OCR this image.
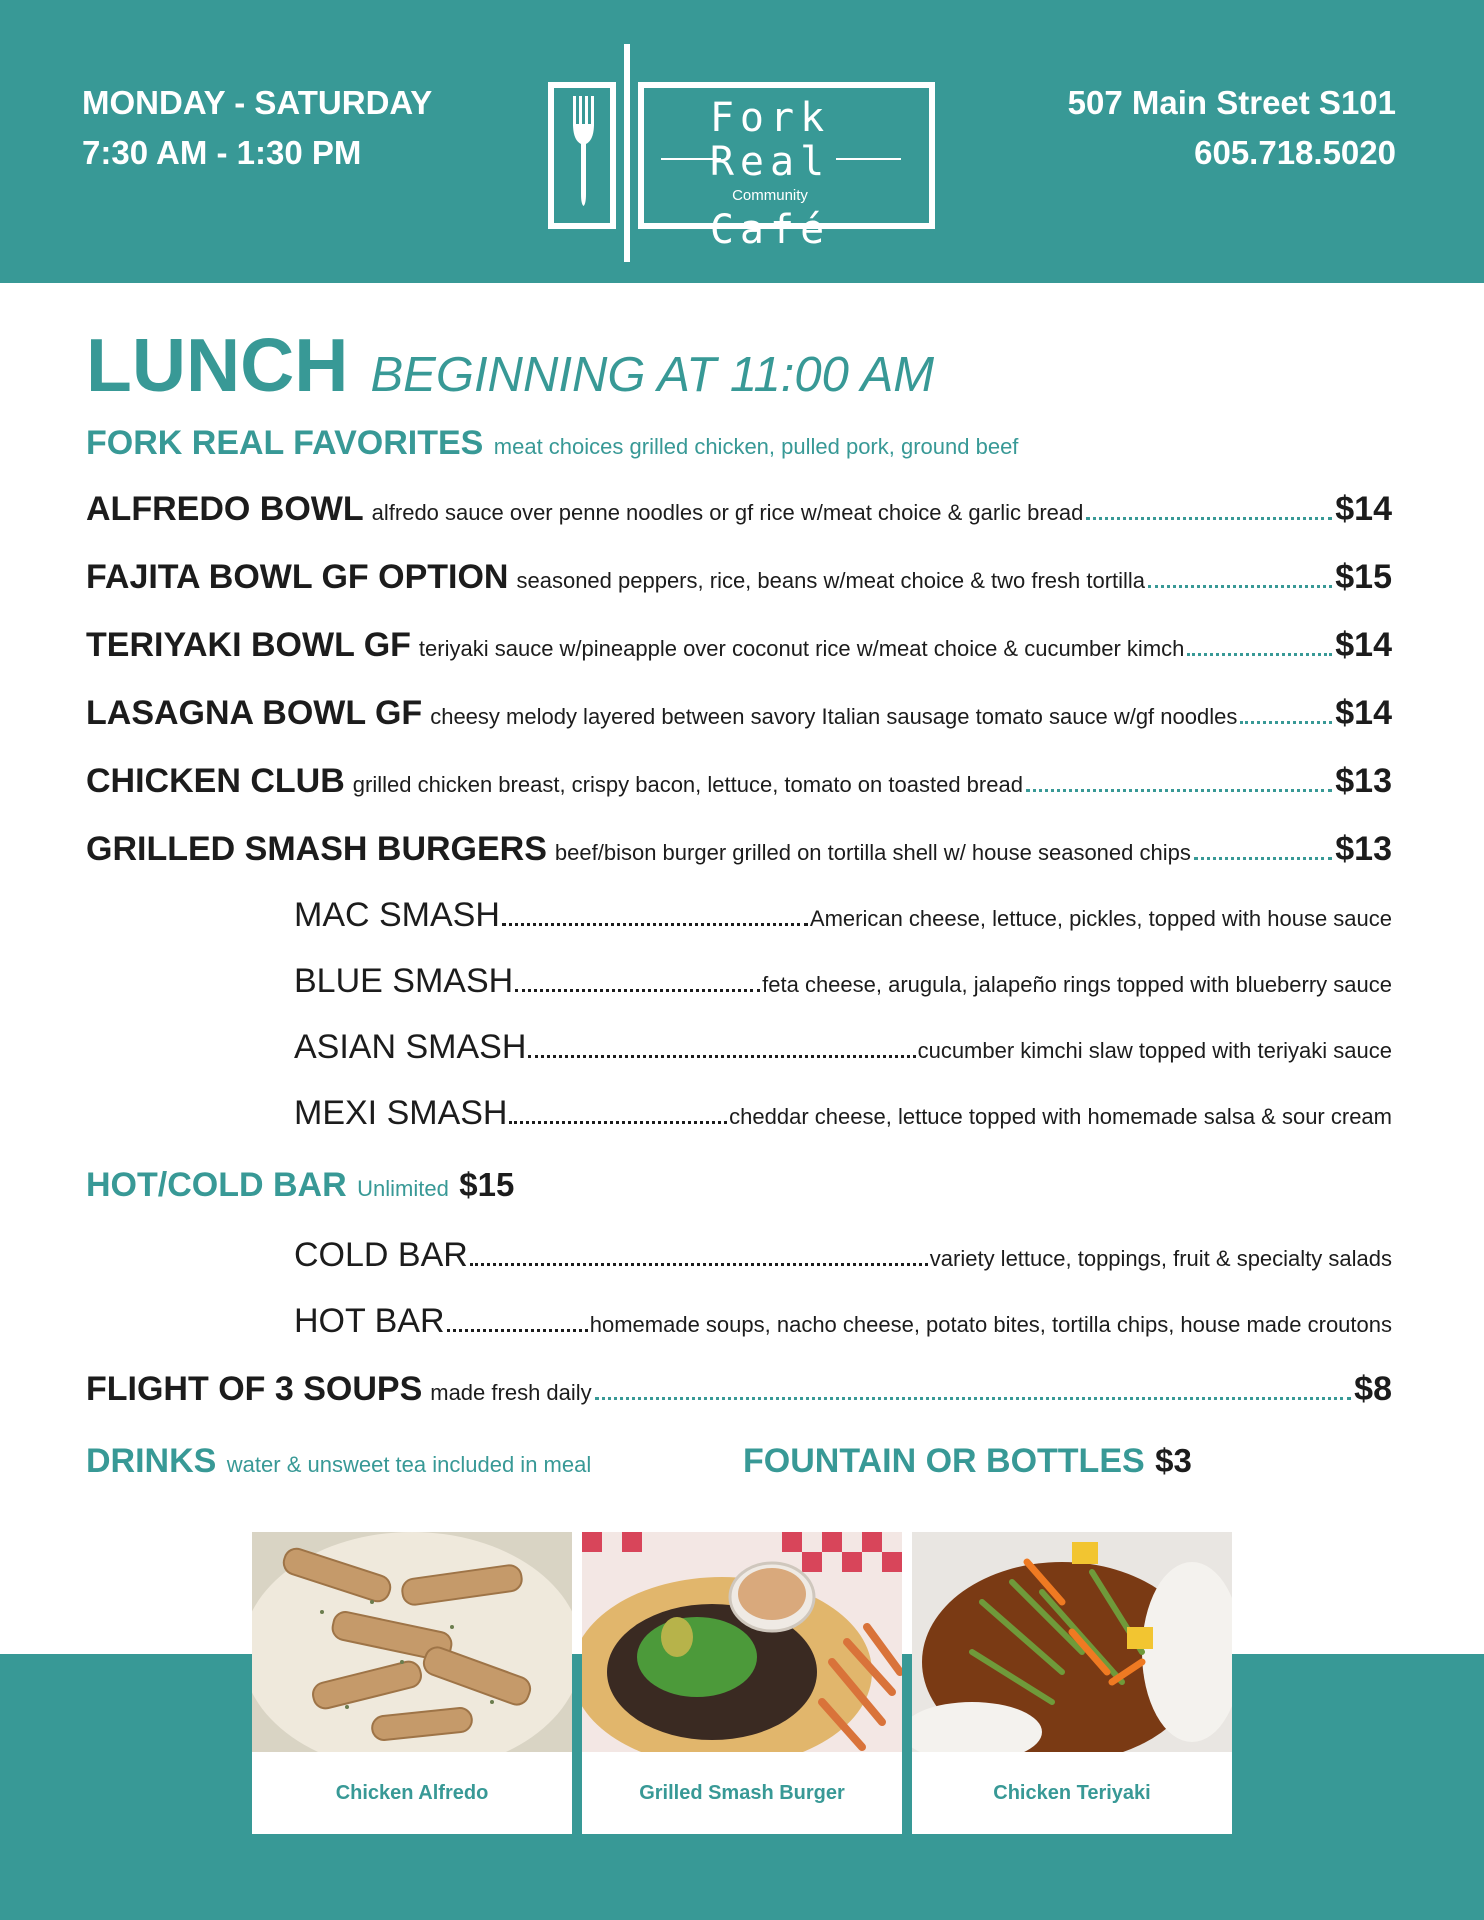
MONDAY - SATURDAY
7:30 AM - 1:30 PM
Fork Real
Community
Café
507 Main Street S101
605.718.5020
LUNCH BEGINNING AT 11:00 AM
FORK REAL FAVORITES meat choices grilled chicken, pulled pork, ground beef
ALFREDO BOWL alfredo sauce over penne noodles or gf rice w/meat choice & garlic bread	$14
FAJITA BOWL GF OPTION seasoned peppers, rice, beans w/meat choice & two fresh tortilla	$15
TERIYAKI BOWL GF teriyaki sauce w/pineapple over coconut rice w/meat choice & cucumber kimch	$14
LASAGNA BOWL GF cheesy melody layered between savory Italian sausage tomato sauce w/gf noodles	$14
CHICKEN CLUB grilled chicken breast, crispy bacon, lettuce, tomato on toasted bread	$13
GRILLED SMASH BURGERS beef/bison burger grilled on tortilla shell w/ house seasoned chips	$13
MAC SMASH	American cheese, lettuce, pickles, topped with house sauce
BLUE SMASH	feta cheese, arugula, jalapeño rings topped with blueberry sauce
ASIAN SMASH	cucumber kimchi slaw topped with teriyaki sauce
MEXI SMASH	cheddar cheese, lettuce topped with homemade salsa & sour cream
HOT/COLD BAR Unlimited $15
COLD BAR	variety lettuce, toppings, fruit & specialty salads
HOT BAR	homemade soups, nacho cheese, potato bites, tortilla chips, house made croutons
FLIGHT OF 3 SOUPS made fresh daily	$8
DRINKS water & unsweet tea included in meal	FOUNTAIN OR BOTTLES $3
Chicken Alfredo	Grilled Smash Burger	Chicken Teriyaki
